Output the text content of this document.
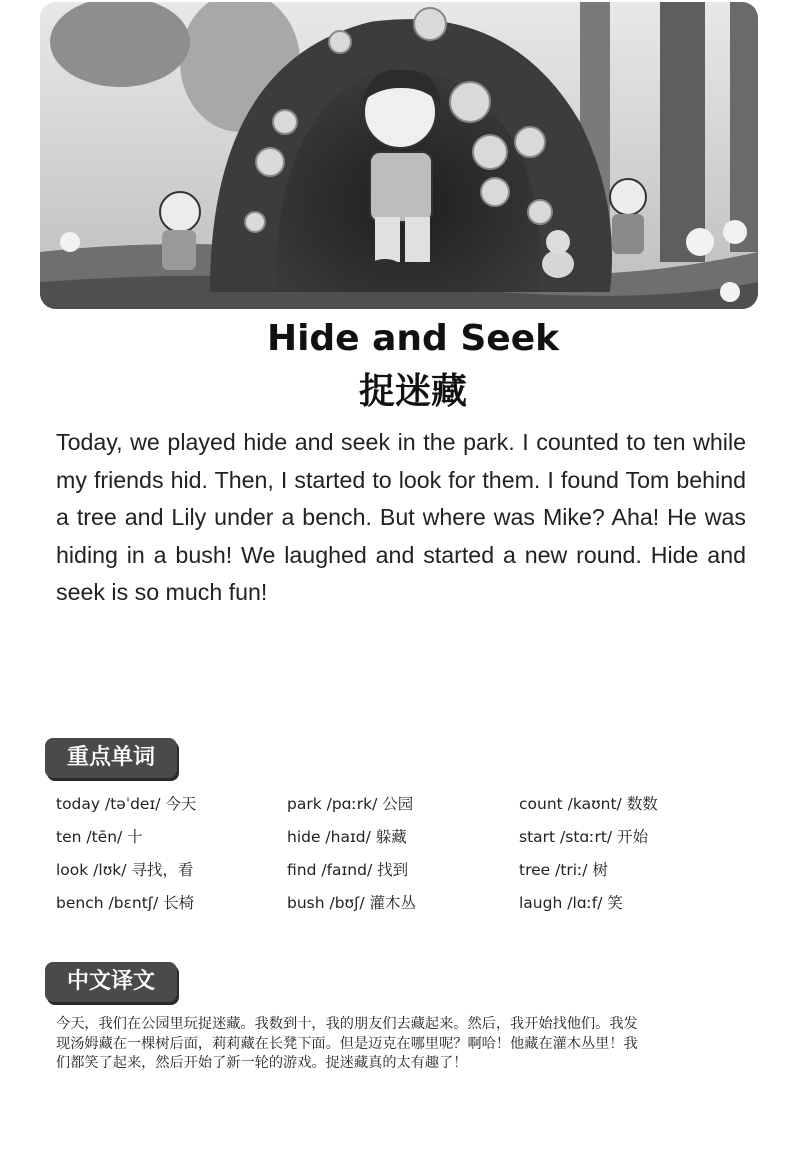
Hide and Seek
捉迷藏
Today, we played hide and seek in the park. I counted to ten while my friends hid. Then, I started to look for them. I found Tom behind a tree and Lily under a bench. But where was Mike? Aha! He was hiding in a bush! We laughed and started a new round. Hide and seek is so much fun!
重点单词
today /təˈdeɪ/ 今天	park /pɑːrk/ 公园	count /kaʊnt/ 数数
ten /tēn/ 十	hide /haɪd/ 躲藏	start /stɑːrt/ 开始
look /lʊk/ 寻找，看	find /faɪnd/ 找到	tree /triː/ 树
bench /bɛntʃ/ 长椅	bush /bʊʃ/ 灌木丛	laugh /lɑːf/ 笑
中文译文
今天，我们在公园里玩捉迷藏。我数到十，我的朋友们去藏起来。然后，我开始找他们。我发现汤姆藏在一棵树后面，莉莉藏在长凳下面。但是迈克在哪里呢？啊哈！他藏在灌木丛里！我们都笑了起来，然后开始了新一轮的游戏。捉迷藏真的太有趣了！
